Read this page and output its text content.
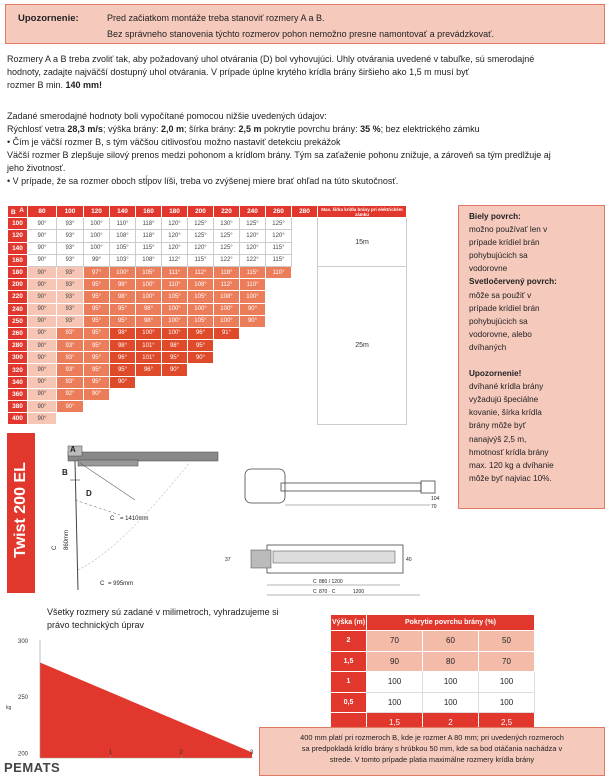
Upozornenie:	Pred začiatkom montáže treba stanoviť rozmery A a B.
Bez správneho stanovenia týchto rozmerov pohon nemožno presne namontovať a prevádzkovať.
Rozmery A a B treba zvoliť tak, aby požadovaný uhol otvárania (D) bol vyhovujúci. Uhly otvárania uvedené v tabuľke, sú smerodajné
hodnoty, zadajte najväčší dostupný uhol otvárania. V prípade úplne krytého krídla brány širšieho ako 1,5 m musí byť
rozmer B min. 140 mm!
Zadané smerodajné hodnoty boli vypočítané pomocou nižšie uvedených údajov:
Rýchlosť vetra 28,3 m/s; výška brány: 2,0 m; šírka brány: 2,5 m pokrytie povrchu brány: 35 %; bez elektrického zámku
• Čím je väčší rozmer B, s tým väčšou citlivosťou možno nastaviť detekciu prekážok
Väčší rozmer B zlepšuje silový prenos medzi pohonom a krídlom brány. Tým sa zaťaženie pohonu znižuje, a zároveň sa tým predlžuje aj
jeho životnosť.
• V prípade, že sa rozmer oboch stĺpov líši, treba vo zvýšenej miere brať ohľad na túto skutočnosť.
A
B	80	100	120	140	160	180	200	220	240	260	280	Max. šírka krídla brány pri elektrickém zámku
100	90°	93°	100°	110°	118°	120°	125°	130°	125°	125°		15m
120	90°	93°	100°	108°	118°	120°	125°	125°	120°	120°		
140	90°	93°	100°	105°	115°	120°	120°	125°	120°	115°		
160	90°	93°	99°	103°	108°	112°	115°	122°	122°	115°		
180	90°	93°	97°	100°	105°	111°	112°	118°	115°	110°		25m
200	90°	93°	95°	98°	100°	110°	108°	112°	110°			
220	90°	93°	95°	98°	100°	105°	105°	108°	100°			
240	90°	93°	95°	95°	98°	100°	100°	100°	90°			
250	90°	93°	95°	95°	98°	100°	105°	100°	90°			
260	90°	93°	95°	98°	100°	100°	96°	91°				
280	90°	93°	95°	98°	101°	98°	95°					
300	90°	93°	95°	96°	101°	95°	90°					
320	90°	93°	95°	95°	96°	90°						
340	90°	93°	95°	90°								
360	90°	92°	90°									
380	90°	90°										
400	90°											
Biely povrch:
možno používať len v
prípade krídiel brán
pohybujúcich sa
vodorovne
Svetločervený povrch:
môže sa použiť v
prípade krídiel brán
pohybujúcich sa
vodorovne, alebo
dvíhaných
Upozornenie!
dvíhané krídla brány
vyžadujú špeciálne
kovanie, šírka krídla
brány môže byť
nanajvýš 2,5 m,
hmotnosť krídla brány
max. 120 kg a dvíhanie
môže byť najviac 10%.
Twist 200 EL
A
B
C = 1410mm
D
C 860mm
C = 995mm
104
70
37	40
C 880 / 1200
C 870 · C	1200
Všetky rozmery sú zadané v milimetroch, vyhradzujeme si
právo technických úprav
300
250
200	1	2	3
kg
Výška (m)	Pokrytie povrchu brány (%)		
2	70	60	50
1,5	90	80	70
1	100	100	100
0,5	100	100	100
	1,5	2	2,5
400 mm platí pri rozmeroch B, kde je rozmer A 80 mm; pri uvedených rozmeroch
sa predpokladá krídlo brány s hrúbkou 50 mm, kde sa bod otáčania nachádza v
strede. V tomto prípade platia maximálne rozmery krídla brány
PEMATS
